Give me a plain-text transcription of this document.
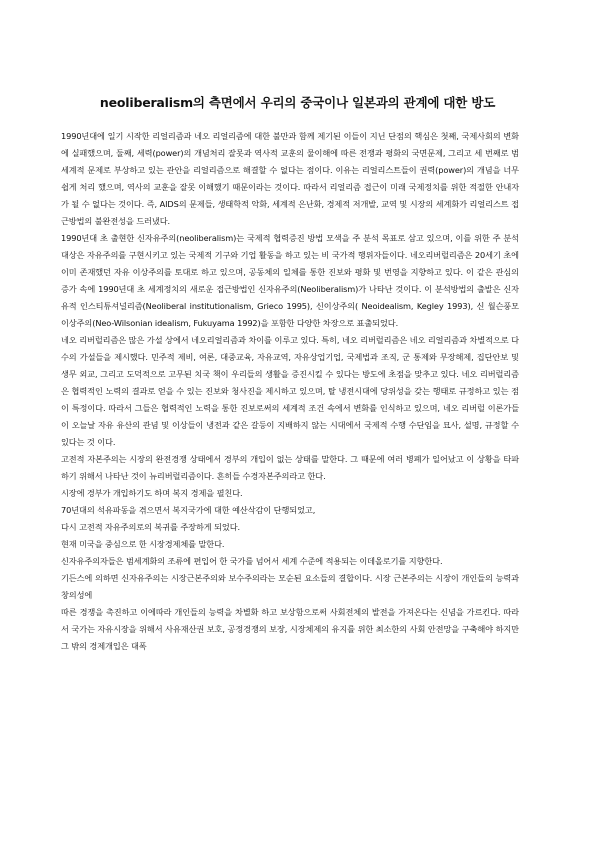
neoliberalism의 측면에서 우리의 중국이나 일본과의 관계에 대한 방도

1990년대에 일기 시작한 리얼리즘과 네오 리얼리즘에 대한 불만과 함께 제기된 이들이 지닌 단점의 핵심은 첫째, 국제사회의 변화에 실패했으며, 둘째, 세력(power)의 개념처리 잘못과 역사적 교훈의 물이해에 따른 전쟁과 평화의 국면문제, 그리고 세 번째로 범세계적 문제로 부상하고 있는 관안을 리얼리즘으로 해결할 수 없다는 점이다. 이유는 리얼리스트들이 권력(power)의 개념을 너무 쉽게 처리 했으며, 역사의 교훈을 잘못 이해했기 때문이라는 것이다. 따라서 리얼리즘 접근이 미래 국제정치를 위한 적절한 안내자가 될 수 없다는 것이다. 즉, AIDS의 문제들, 생태학적 악화, 세계적 은난화, 경제적 저개발, 교역 및 시장의 세계화가 리얼리스트 접근방법의 불완전성을 드러냈다.

1990년대 초 출현한 신자유주의(neoliberalism)는 국제적 협력증진 방법 모색을 주 분석 목표로 삼고 있으며, 이를 위한 주 분석대상은 자유주의를 구현시키고 있는 국제적 기구와 기업 활동을 하고 있는 비 국가적 행위자들이다. 네오리버럴리즘은 20세기 초에 이미 존재했던 자유 이상주의를 토대로 하고 있으며, 공동체의 일체를 통한 진보와 평화 및 번영을 지향하고 있다. 이 같은 관심의 증가 속에 1990년대 초 세계정치의 새로운 접근방법인 신자유주의(Neoliberalism)가 나타난 것이다. 이 분석방법의 출발은 신자유적 인스티튜셔널리즘(Neoliberal institutionalism, Grieco 1995), 신이상주의( Neoidealism, Kegley 1993), 신 월슨풍모 이상주의(Neo-Wilsonian idealism, Fukuyama 1992)을 포함한 다양한 차장으로 표출되었다.

네오 리버럴리즘은 많은 가설 상에서 네오리얼리즘과 차이를 이루고 있다. 특히, 네오 리버럴리즘은 네오 리얼리즘과 차별적으로 다수의 가설들을 제시했다. 민주적 제비, 여론, 대중교육, 자유교역, 자유상업기업, 국제법과 조직, 군 통제와 무장해제, 집단안보 및 생무 외교, 그리고 도덕적으로 고무된 치국 책이 우리들의 생활을 증진시킬 수 있다는 방도에 초점을 맞추고 있다. 네오 리버럴리즘은 협력적인 노력의 결과로 얻을 수 있는 진보와 청사진을 제시하고 있으며, 탈 냉전시대에 당위성을 갖는 행태로 규정하고 있는 점이 특정이다. 따라서 그들은 협력적인 노력을 통한 진보로써의 세계적 조건 속에서 변화를 인식하고 있으며, 네오 리버럴 이론가들이 오늘날 자유 유산의 관념 및 이상들이 냉전과 같은 갈등이 지배하지 않는 시대에서 국제적 수행 수단임을 묘사, 설명, 규정할 수 있다는 것 이다.

고전적 자본주의는 시장의 완전경쟁 상태에서 경부의 개입이 없는 상태를 말한다. 그 때문에 여러 병폐가 일어났고 이 상황을 타파하기 위해서 나타난 것이 뉴리버럴리즘이다. 흔히들 수경자본주의라고 한다.

시장에 경부가 개입하기도 하며 복지 경제을 펼친다.

70년대의 석유파동을 겪으면서 복지국가에 대한 예산삭감이 단행되었고,

다시 고전적 자유주의로의 복귀를 주장하게 되었다.

현재 미국을 중심으로 한 시장경제체를 말한다.

신자유주의자들은 범세계화의 조류에 편입어 한 국가를 넘어서 세계 수준에 적용되는 이데올로기를 지향한다.

기든스에 의하면 신자유주의는 시장근본주의와 보수주의라는 모순된 요소들의 결합이다. 시장 근본주의는 시장이 개인들의 능력과 창의성에

따른 경쟁을 촉진하고 이에따라 개인들의 능력을 차별화 하고 보상함으로써 사회전체의 발전을 가져온다는 신념을 가르킨다. 따라서 국가는 자유시장을 위해서 사유재산권 보호, 공정경쟁의 보장, 시장체제의 유지를 위한 최소한의 사회 안전망을 구축해야 하지만 그 밖의 경제개입은 대폭
